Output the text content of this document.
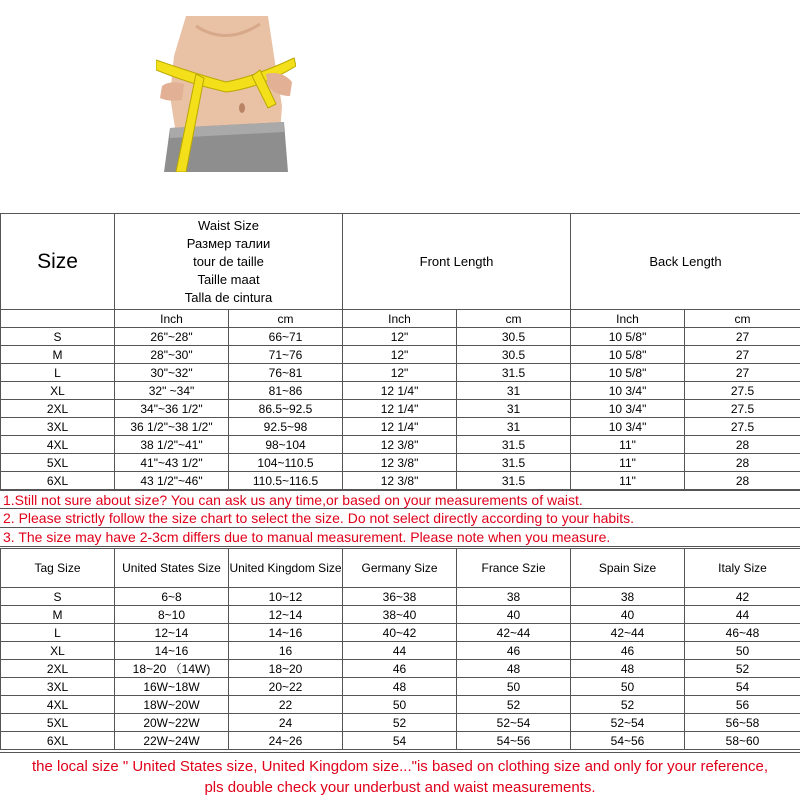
Size	Waist Size
Размер талии
tour de taille
Taille maat
Talla de cintura		Front Length		Back Length	
	Inch	cm	Inch	cm	Inch	cm
S	26"~28"	66~71	12"	30.5	10 5/8"	27
M	28"~30"	71~76	12"	30.5	10 5/8"	27
L	30"~32"	76~81	12"	31.5	10 5/8"	27
XL	32" ~34"	81~86	12 1/4"	31	10 3/4"	27.5
2XL	34"~36 1/2"	86.5~92.5	12 1/4"	31	10 3/4"	27.5
3XL	36 1/2"~38 1/2"	92.5~98	12 1/4"	31	10 3/4"	27.5
4XL	38 1/2"~41"	98~104	12 3/8"	31.5	11"	28
5XL	41"~43 1/2"	104~110.5	12 3/8"	31.5	11"	28
6XL	43 1/2"~46"	110.5~116.5	12 3/8"	31.5	11"	28
1.Still not sure about size? You can ask us any time,or based on your measurements of waist.
2. Please strictly follow the size chart to select the size. Do not select directly according to your habits.
3. The size may have 2-3cm differs due to manual measurement. Please note when you measure.
Tag Size	United States Size	United Kingdom Size	Germany Size	France Szie	Spain Size	Italy Size
S	6~8	10~12	36~38	38	38	42
M	8~10	12~14	38~40	40	40	44
L	12~14	14~16	40~42	42~44	42~44	46~48
XL	14~16	16	44	46	46	50
2XL	18~20 （14W)	18~20	46	48	48	52
3XL	16W~18W	20~22	48	50	50	54
4XL	18W~20W	22	50	52	52	56
5XL	20W~22W	24	52	52~54	52~54	56~58
6XL	22W~24W	24~26	54	54~56	54~56	58~60
the local size " United States size, United Kingdom size..."is based on clothing size and only for your reference,
pls double check your underbust and waist measurements.
